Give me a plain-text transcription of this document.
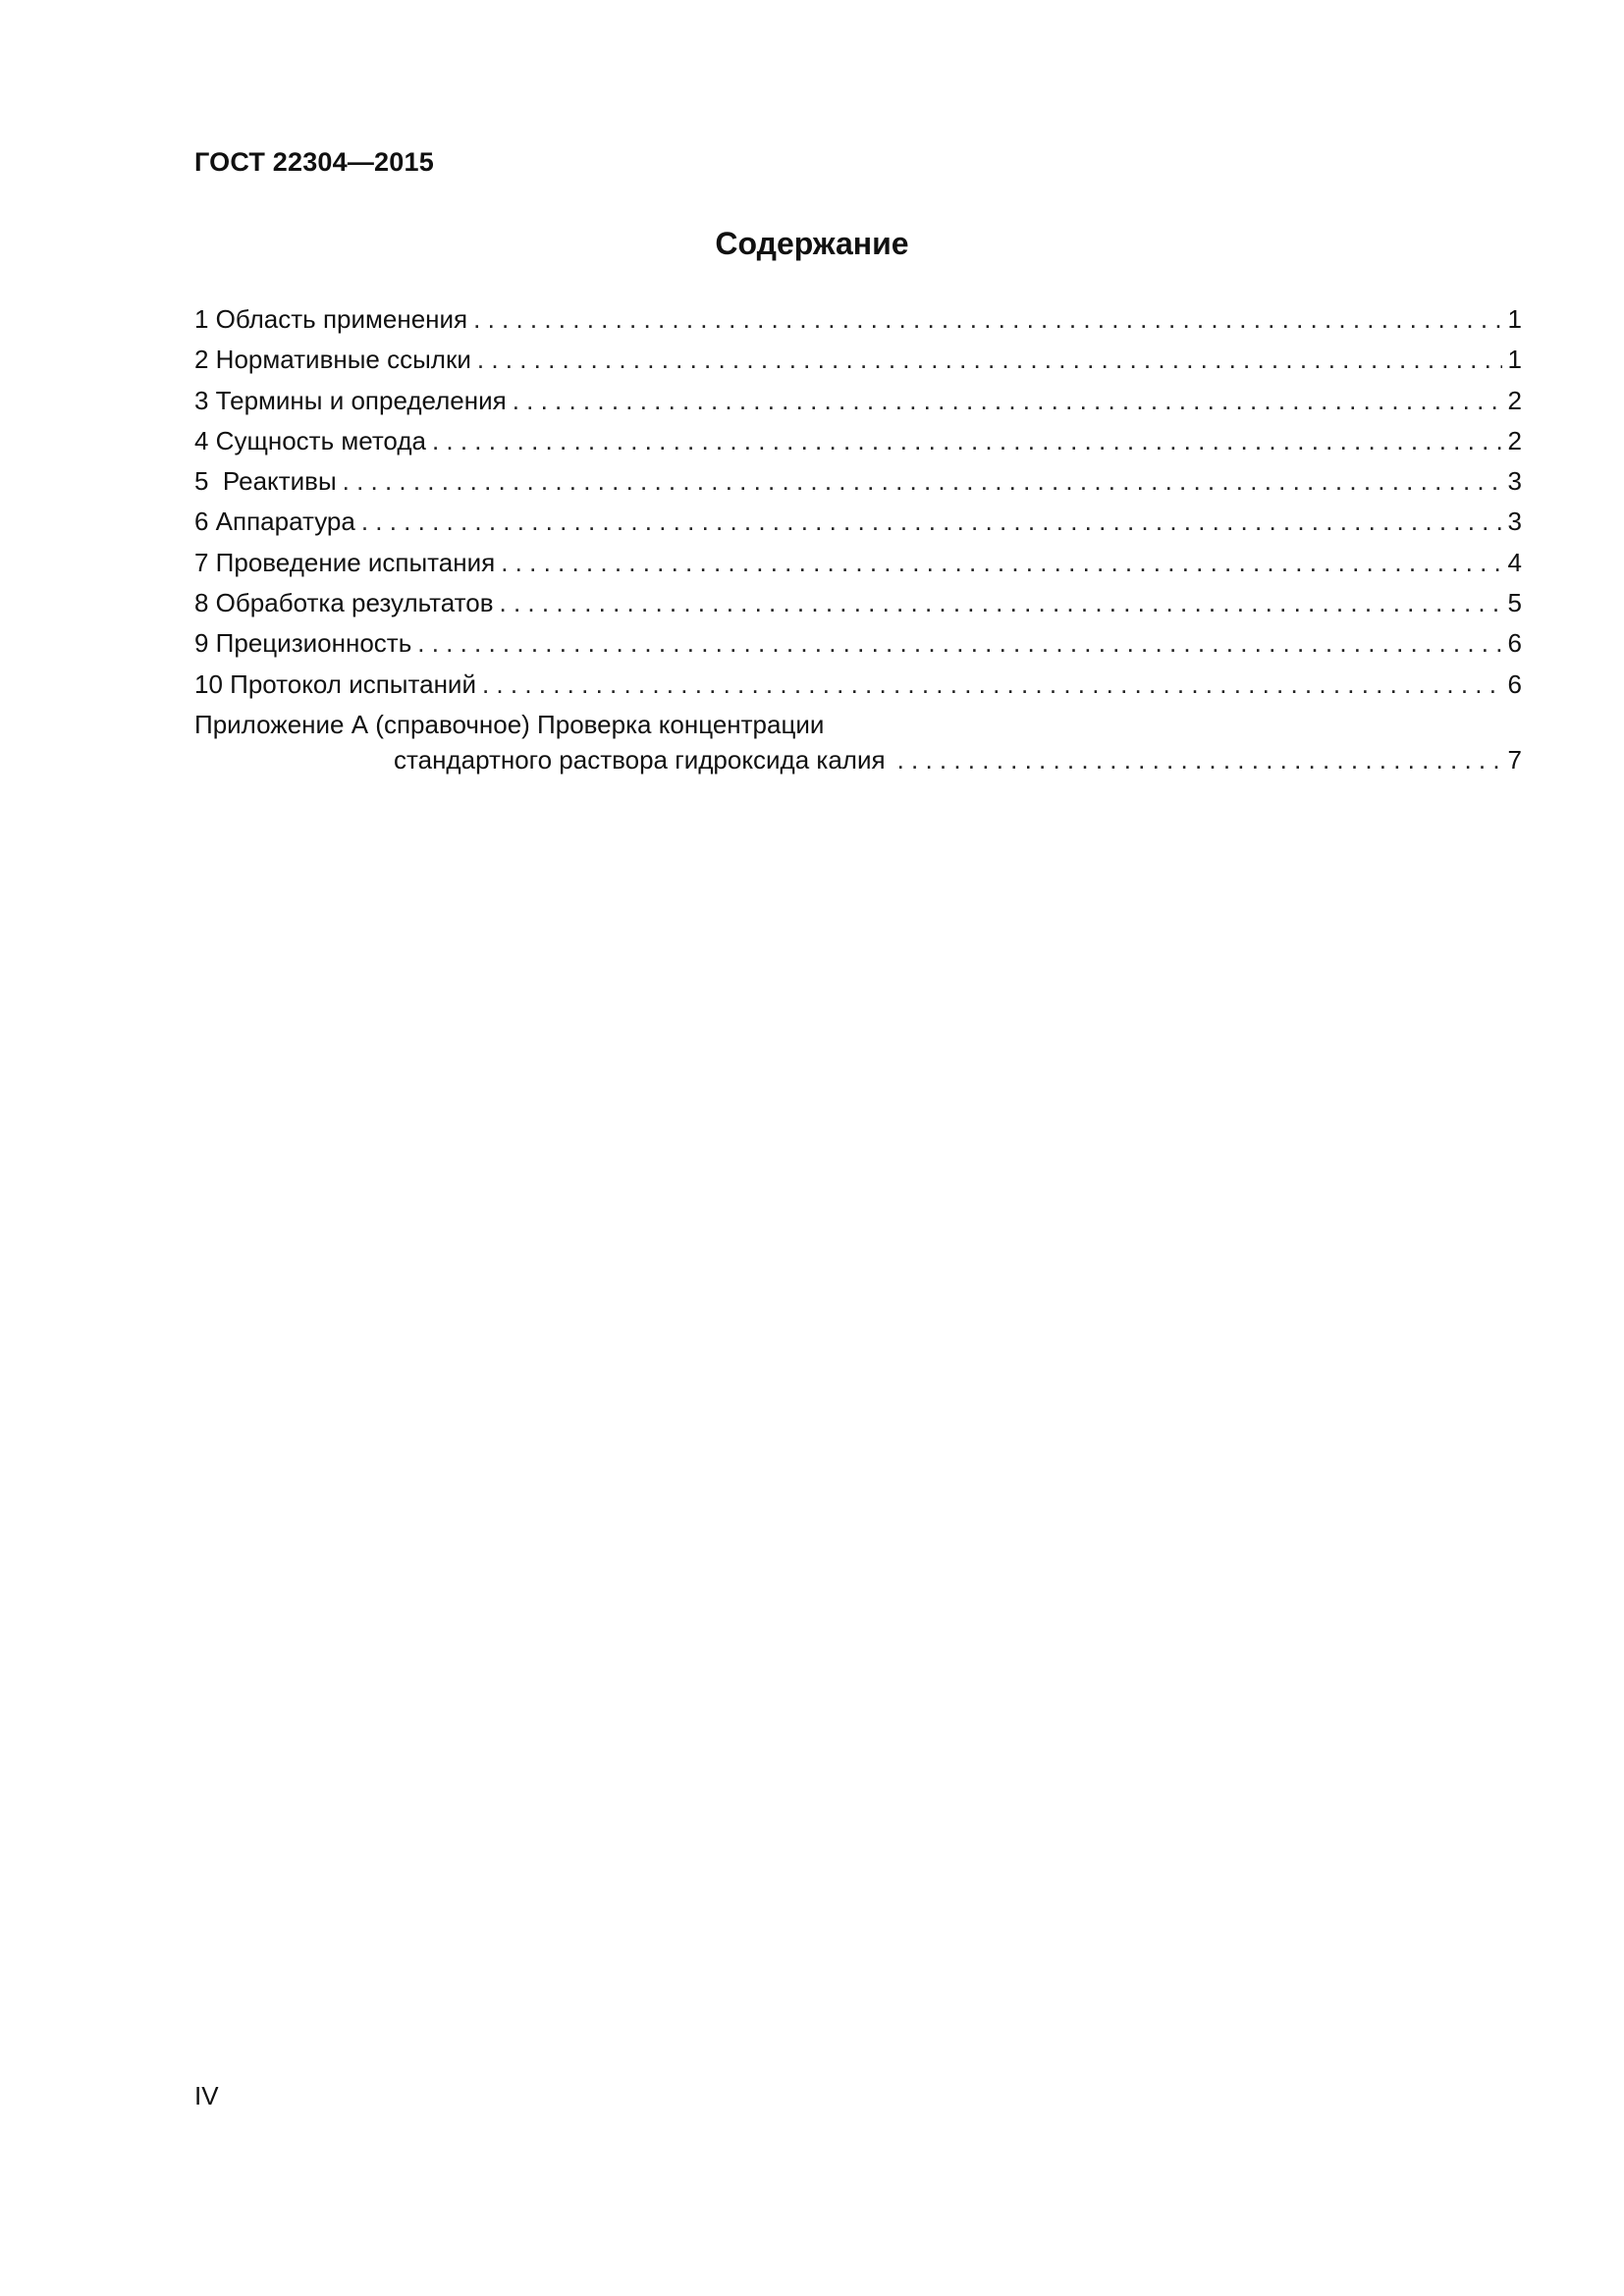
ГОСТ 22304—2015
Содержание
1 Область применения . . .	1
2 Нормативные ссылки . . .	1
3 Термины и определения . . .	2
4 Сущность метода . . .	2
5  Реактивы . . .	3
6 Аппаратура . . .	3
7 Проведение испытания . . .	4
8 Обработка результатов . . .	5
9 Прецизионность . . .	6
10 Протокол испытаний . . .	6
Приложение А (справочное) Проверка концентрации
стандартного раствора гидроксида калия . . .	7
IV
